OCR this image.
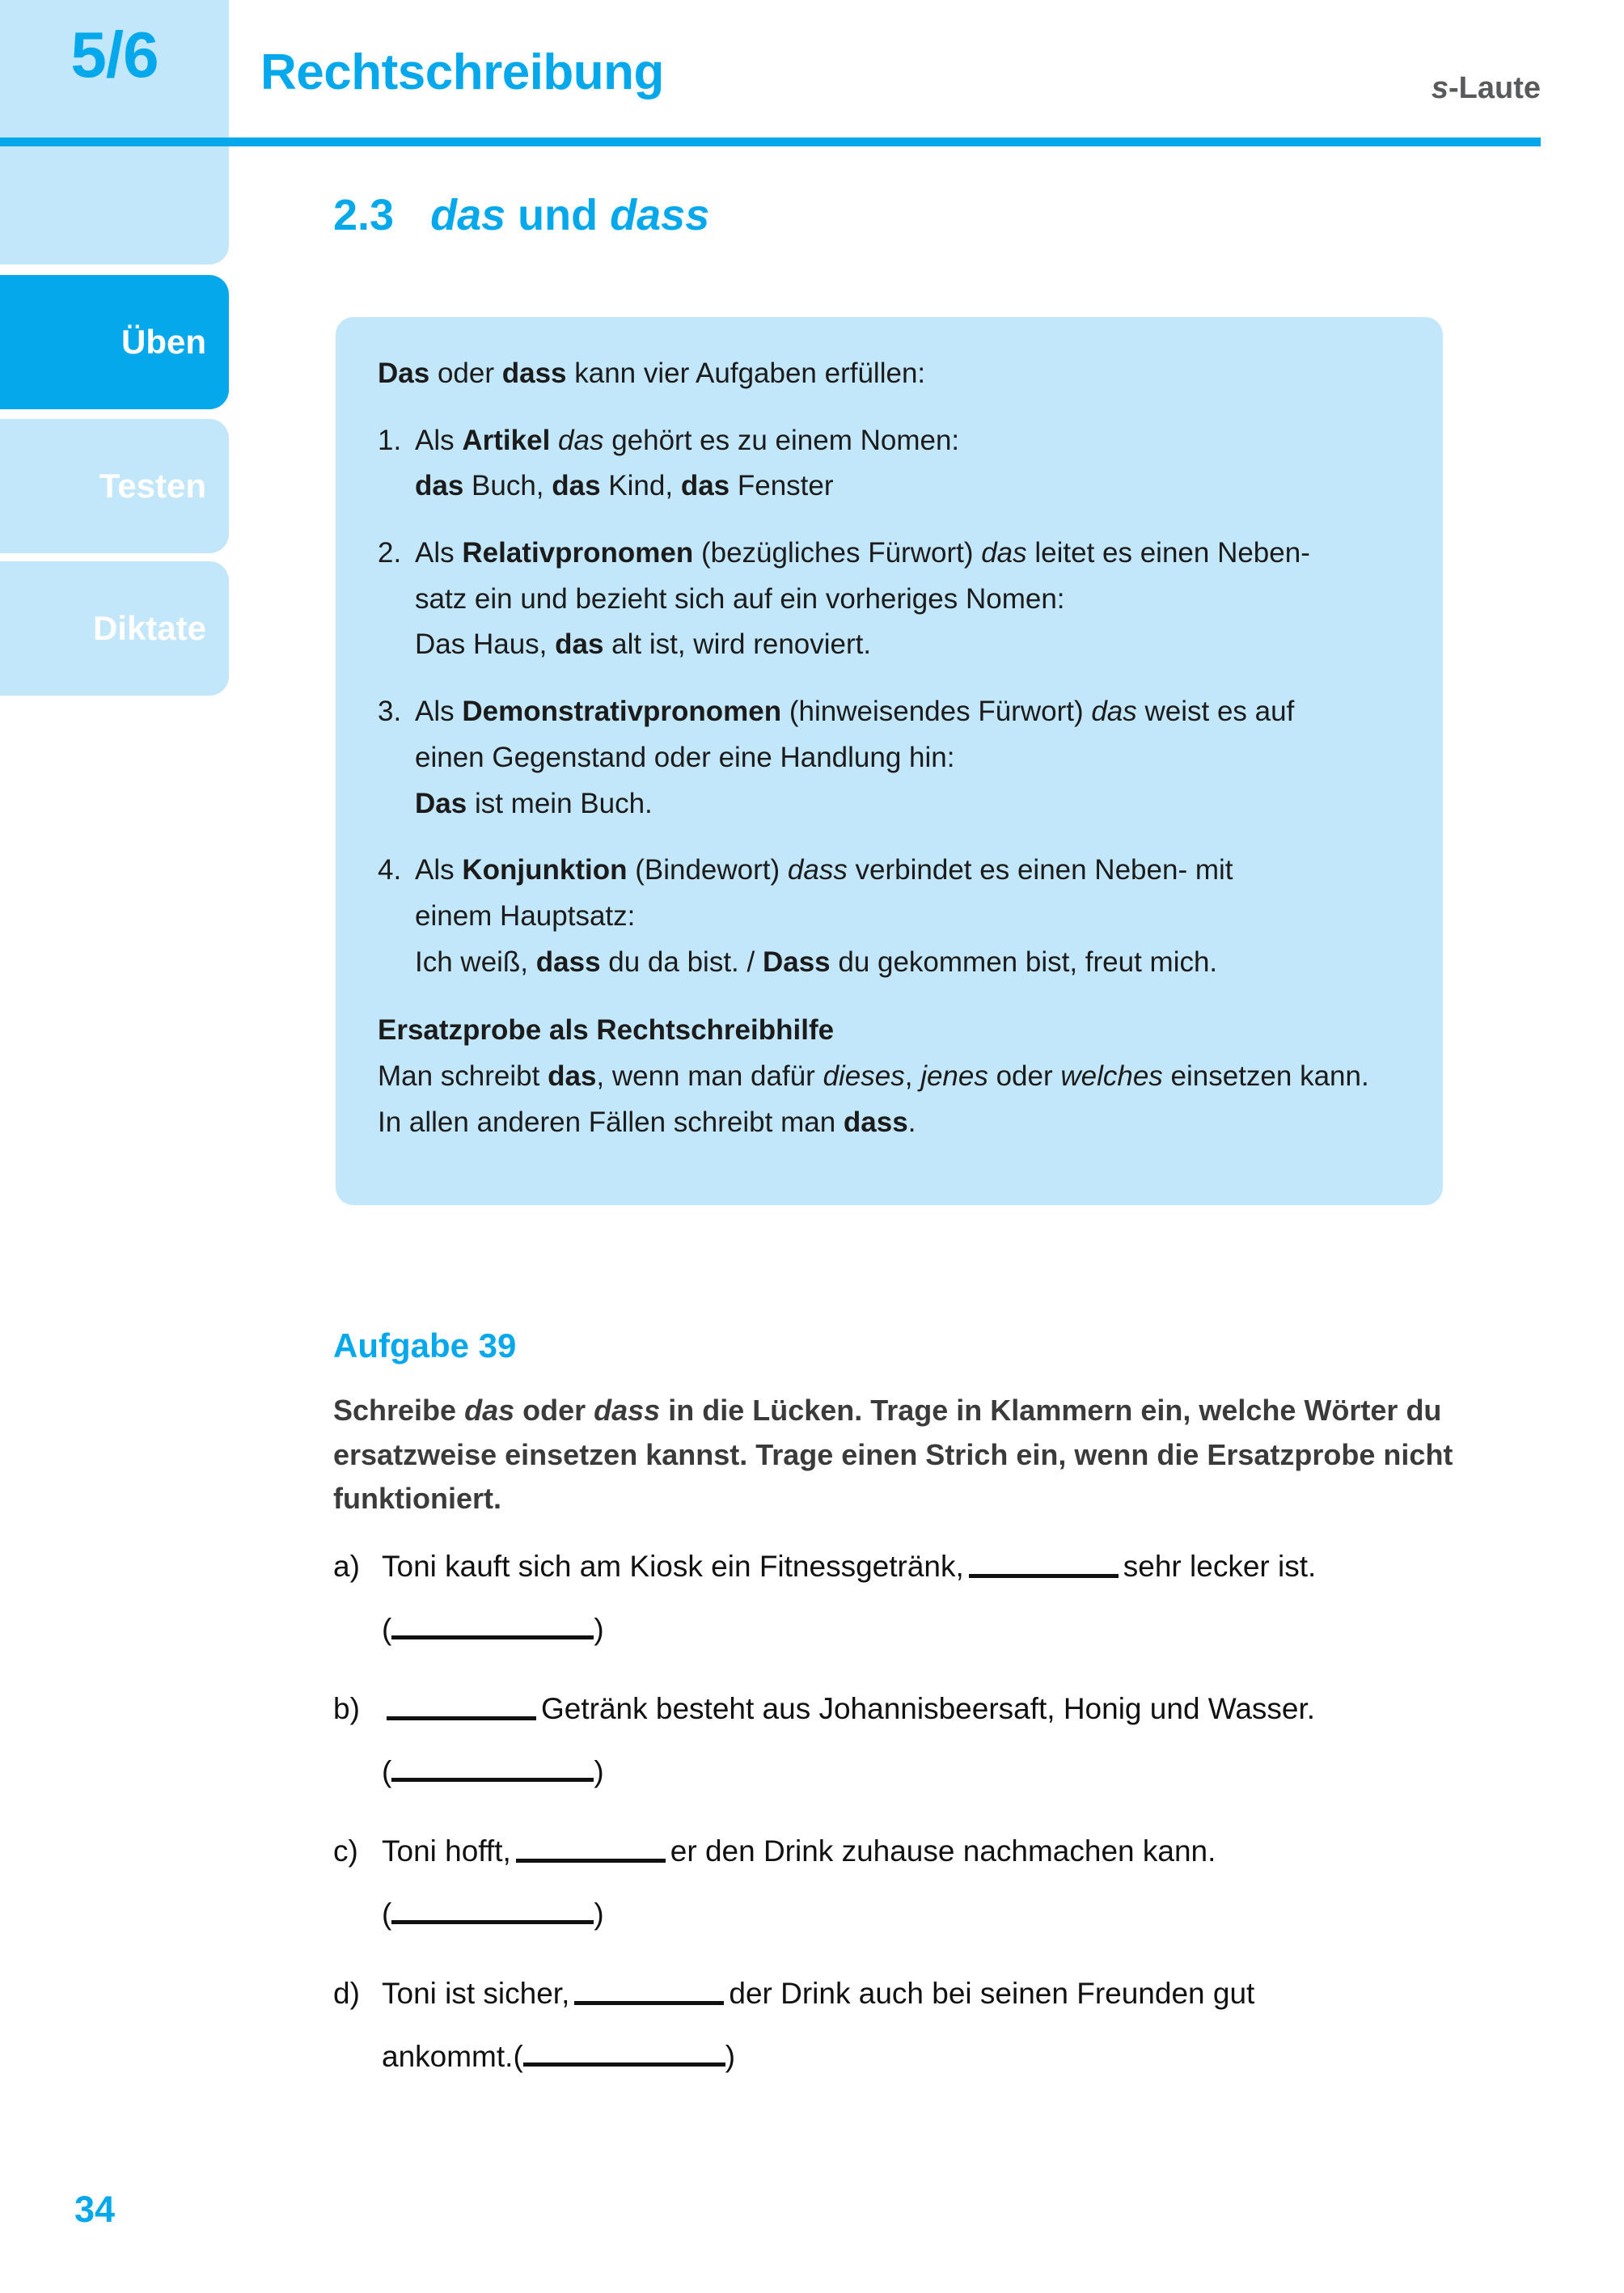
5/6	Rechtschreibung	s-Laute
Üben
Testen
Diktate
2.3 das und dass

Das oder dass kann vier Aufgaben erfüllen:

1. Als Artikel das gehört es zu einem Nomen:
das Buch, das Kind, das Fenster
2. Als Relativpronomen (bezügliches Fürwort) das leitet es einen Neben-
satz ein und bezieht sich auf ein vorheriges Nomen:
Das Haus, das alt ist, wird renoviert.
3. Als Demonstrativpronomen (hinweisendes Fürwort) das weist es auf
einen Gegenstand oder eine Handlung hin:
Das ist mein Buch.
4. Als Konjunktion (Bindewort) dass verbindet es einen Neben- mit
einem Hauptsatz:
Ich weiß, dass du da bist. / Dass du gekommen bist, freut mich.
Ersatzprobe als Rechtschreibhilfe
Man schreibt das, wenn man dafür dieses, jenes oder welches einsetzen kann. In allen anderen Fällen schreibt man dass.
Aufgabe 39
Schreibe das oder dass in die Lücken. Trage in Klammern ein, welche Wörter du ersatzweise einsetzen kannst. Trage einen Strich ein, wenn die Ersatzprobe nicht funktioniert.
a) Toni kauft sich am Kiosk ein Fitnessgetränk,	sehr lecker ist.
(	)
b)	Getränk besteht aus Johannisbeersaft, Honig und Wasser.
(	)
c) Toni hofft,	er den Drink zuhause nachmachen kann.
(	)
d) Toni ist sicher,	der Drink auch bei seinen Freunden gut
ankommt. (	)
34
